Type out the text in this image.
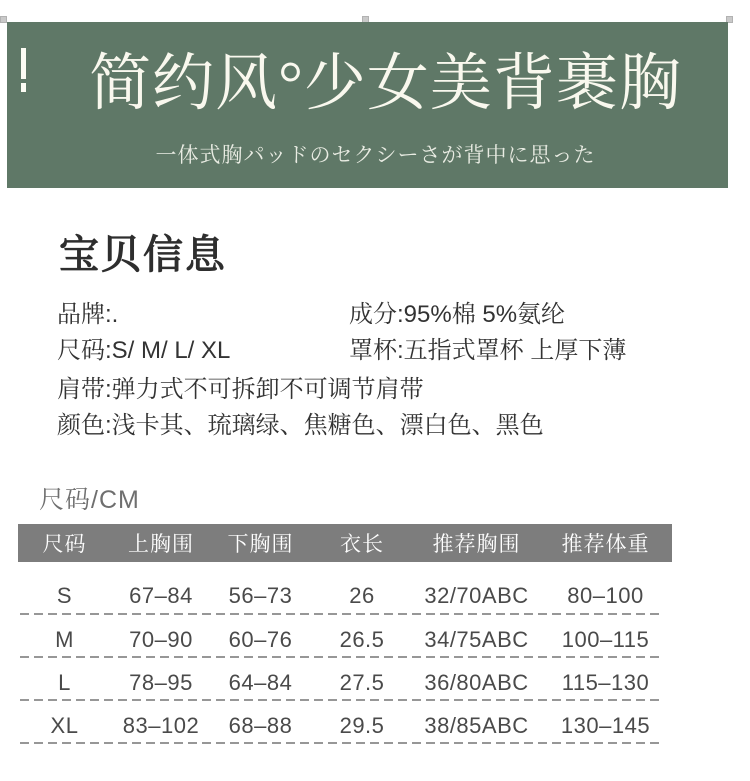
简约风°少女美背裹胸
一体式胸パッドのセクシーさが背中に思った
宝贝信息
品牌:.	成分:95%棉 5%氨纶
尺码:S/ M/ L/ XL	罩杯:五指式罩杯 上厚下薄
肩带:弹力式不可拆卸不可调节肩带
颜色:浅卡其、琉璃绿、焦糖色、漂白色、黑色
尺码/CM
尺码	上胸围	下胸围	衣长	推荐胸围	推荐体重
S	67–84	56–73	26	32/70ABC	80–100
M	70–90	60–76	26.5	34/75ABC	100–115
L	78–95	64–84	27.5	36/80ABC	115–130
XL	83–102	68–88	29.5	38/85ABC	130–145
